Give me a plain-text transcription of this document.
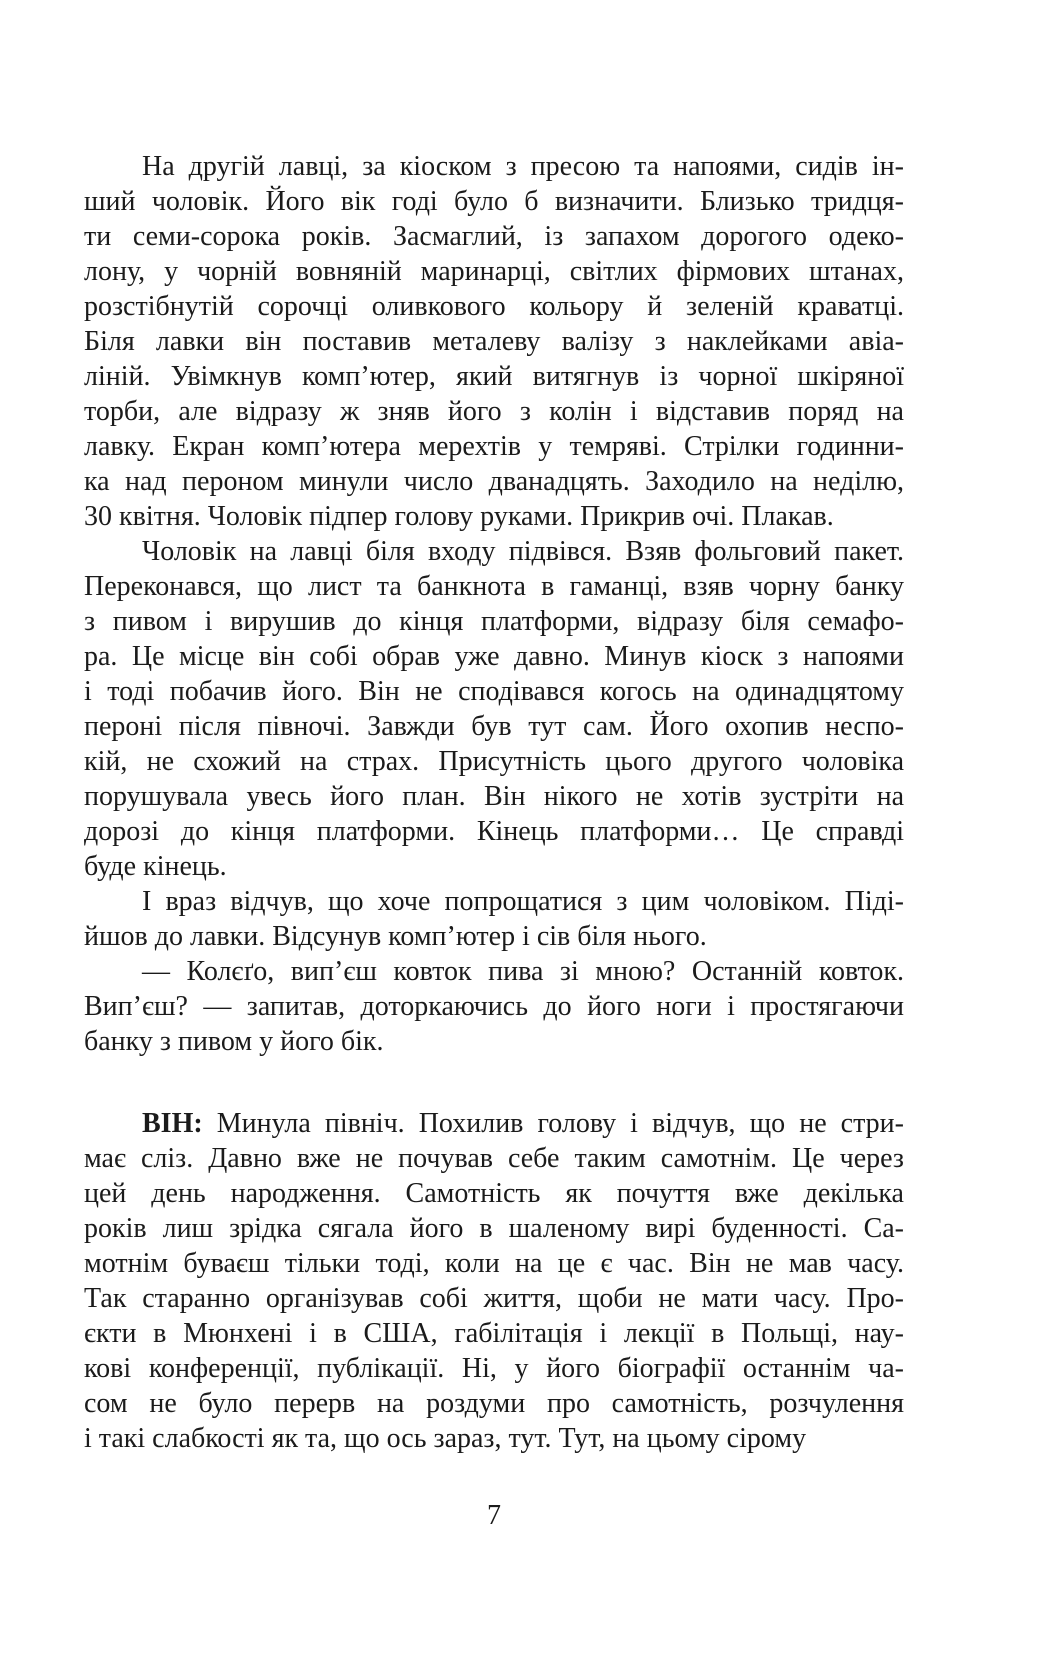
На другій лавці, за кіоском з пресою та напоями, сидів ін-
ший чоловік. Його вік годі було б визначити. Близько тридця-
ти семи-сорока років. Засмаглий, із запахом дорогого одеко-
лону, у чорній вовняній маринарці, світлих фірмових штанах,
розстібнутій сорочці оливкового кольору й зеленій краватці.
Біля лавки він поставив металеву валізу з наклейками авіа-
ліній. Увімкнув комп’ютер, який витягнув із чорної шкіряної
торби, але відразу ж зняв його з колін і відставив поряд на
лавку. Екран комп’ютера мерехтів у темряві. Стрілки годинни-
ка над пероном минули число дванадцять. Заходило на неділю,
30 квітня. Чоловік підпер голову руками. Прикрив очі. Плакав.
Чоловік на лавці біля входу підвівся. Взяв фольговий пакет.
Переконався, що лист та банкнота в гаманці, взяв чорну банку
з пивом і вирушив до кінця платформи, відразу біля семафо-
ра. Це місце він собі обрав уже давно. Минув кіоск з напоями
і тоді побачив його. Він не сподівався когось на одинадцятому
пероні після півночі. Завжди був тут сам. Його охопив неспо-
кій, не схожий на страх. Присутність цього другого чоловіка
порушувала увесь його план. Він нікого не хотів зустріти на
дорозі до кінця платформи. Кінець платформи… Це справді
буде кінець.
І враз відчув, що хоче попрощатися з цим чоловіком. Піді-
йшов до лавки. Відсунув комп’ютер і сів біля нього.
— Колєґо, вип’єш ковток пива зі мною? Останній ковток.
Вип’єш? — запитав, доторкаючись до його ноги і простягаючи
банку з пивом у його бік.
ВІН: Минула північ. Похилив голову і відчув, що не стри-
має сліз. Давно вже не почував себе таким самотнім. Це через
цей день народження. Самотність як почуття вже декілька
років лиш зрідка сягала його в шаленому вирі буденності. Са-
мотнім буваєш тільки тоді, коли на це є час. Він не мав часу.
Так старанно організував собі життя, щоби не мати часу. Про-
єкти в Мюнхені і в США, габілітація і лекції в Польщі, нау-
кові конференції, публікації. Ні, у його біографії останнім ча-
сом не було перерв на роздуми про самотність, розчулення
і такі слабкості як та, що ось зараз, тут. Тут, на цьому сірому
7
